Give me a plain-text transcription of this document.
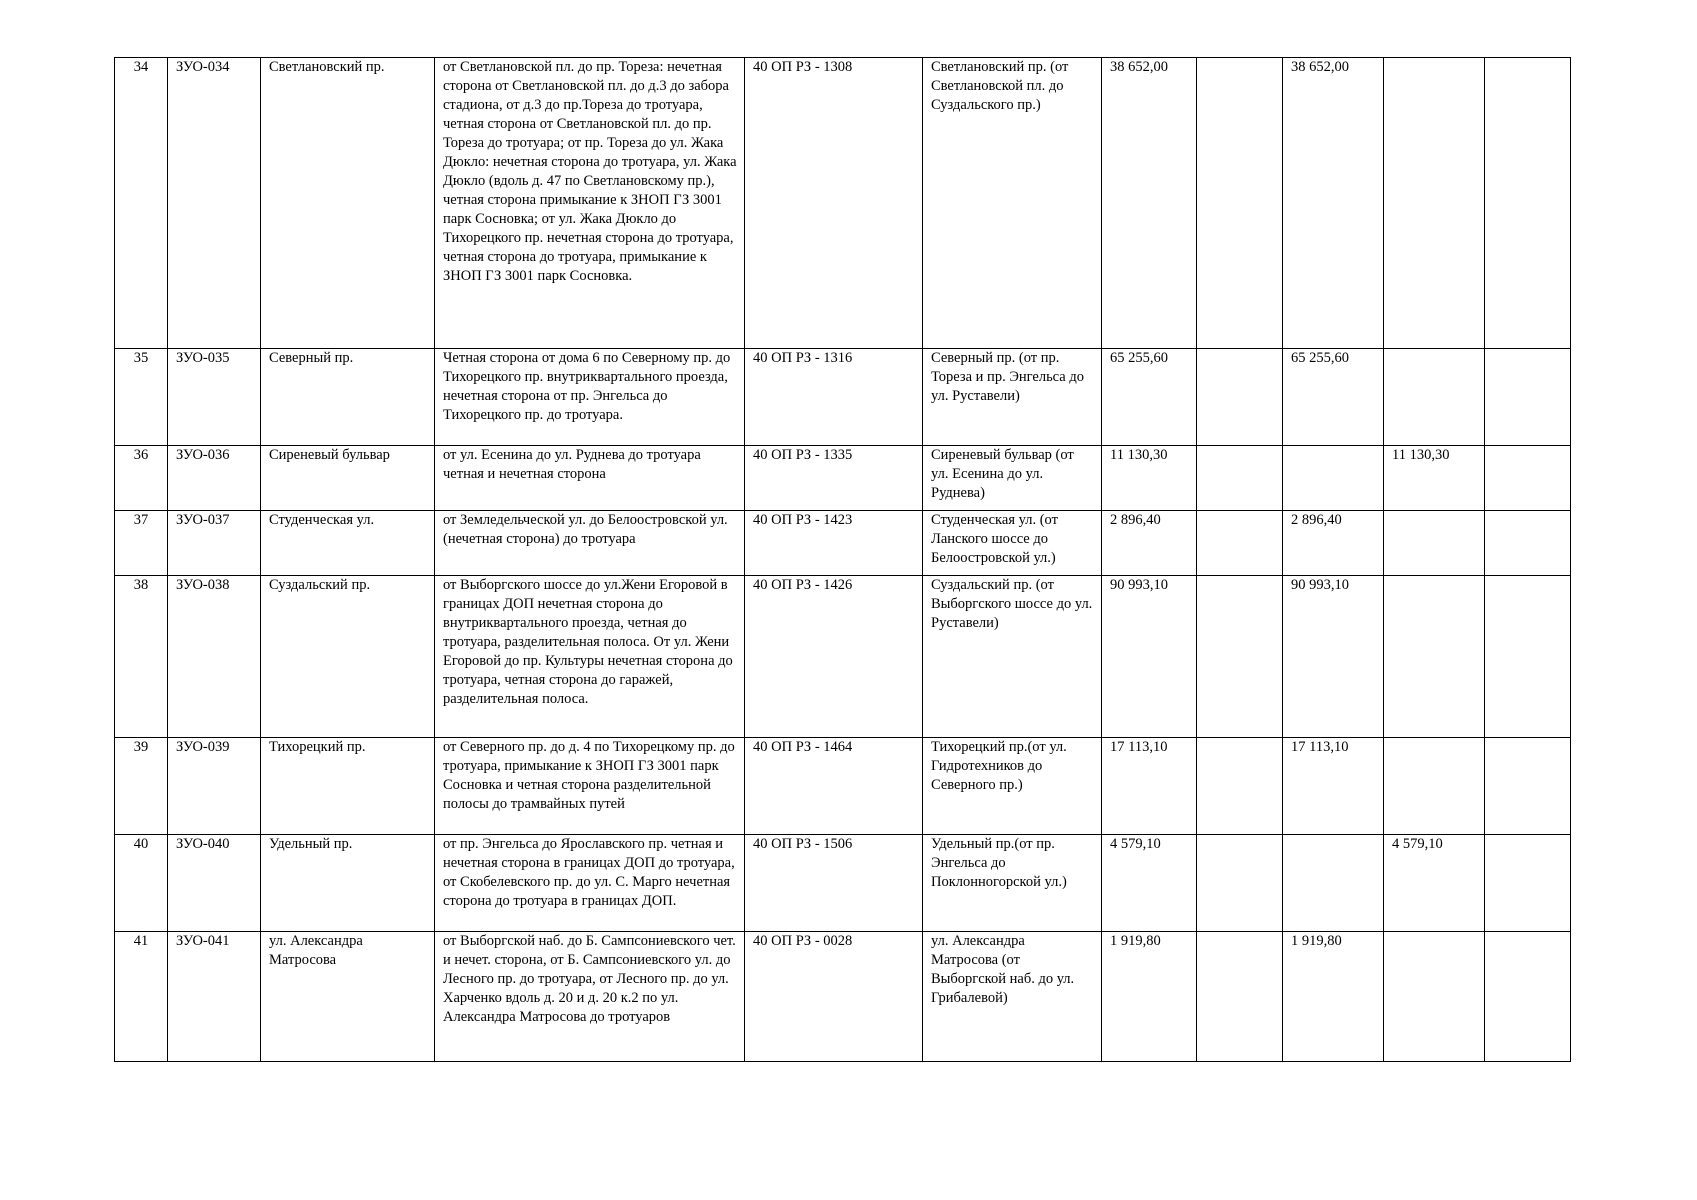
34	ЗУО-034	Светлановский пр.	от Светлановской пл. до пр. Тореза: нечетная сторона от Светлановской пл. до д.3 до забора стадиона, от д.3 до пр.Тореза до тротуара, четная сторона от Светлановской пл. до пр. Тореза до тротуара; от пр. Тореза до ул. Жака Дюкло: нечетная сторона до тротуара, ул. Жака Дюкло (вдоль д. 47 по Светлановскому пр.), четная сторона примыкание к ЗНОП ГЗ 3001 парк Сосновка; от ул. Жака Дюкло до Тихорецкого пр. нечетная сторона до тротуара, четная сторона до тротуара, примыкание к ЗНОП ГЗ 3001 парк Сосновка.	40 ОП РЗ - 1308	Светлановский пр. (от Светлановской пл. до Суздальского пр.)	38 652,00		38 652,00		
35	ЗУО-035	Северный пр.	Четная сторона от дома 6 по Северному пр. до Тихорецкого пр. внутриквартального проезда, нечетная сторона от пр. Энгельса до Тихорецкого пр. до тротуара.	40 ОП РЗ - 1316	Северный пр. (от пр. Тореза и пр. Энгельса до ул. Руставели)	65 255,60		65 255,60		
36	ЗУО-036	Сиреневый бульвар	от ул. Есенина до ул. Руднева до тротуара четная и нечетная сторона	40 ОП РЗ - 1335	Сиреневый бульвар (от ул. Есенина до ул. Руднева)	11 130,30			11 130,30	
37	ЗУО-037	Студенческая ул.	от Земледельческой ул. до Белоостровской ул. (нечетная сторона) до тротуара	40 ОП РЗ - 1423	Студенческая ул. (от Ланского шоссе до Белоостровской ул.)	2 896,40		2 896,40		
38	ЗУО-038	Суздальский пр.	от Выборгского шоссе до ул.Жени Егоровой в границах ДОП нечетная сторона до внутриквартального проезда, четная до тротуара, разделительная полоса. От ул. Жени Егоровой до пр. Культуры нечетная сторона до тротуара, четная сторона до гаражей, разделительная полоса.	40 ОП РЗ - 1426	Суздальский пр. (от Выборгского шоссе до ул. Руставели)	90 993,10		90 993,10		
39	ЗУО-039	Тихорецкий пр.	от Северного пр. до д. 4 по Тихорецкому пр. до тротуара, примыкание к ЗНОП ГЗ 3001 парк Сосновка и четная сторона разделительной полосы до трамвайных путей	40 ОП РЗ - 1464	Тихорецкий пр.(от ул. Гидротехников до Северного пр.)	17 113,10		17 113,10		
40	ЗУО-040	Удельный пр.	от пр. Энгельса до Ярославского пр. четная и нечетная сторона в границах ДОП до тротуара, от Скобелевского пр. до ул. С. Марго нечетная сторона до тротуара в границах ДОП.	40 ОП РЗ - 1506	Удельный пр.(от пр. Энгельса до Поклонногорской ул.)	4 579,10			4 579,10	
41	ЗУО-041	ул. Александра Матросова	от Выборгской наб. до Б. Сампсониевского чет. и нечет. сторона, от Б. Сампсониевского ул. до Лесного пр. до тротуара, от Лесного пр. до ул. Харченко вдоль д. 20 и д. 20 к.2 по ул. Александра Матросова до тротуаров	40 ОП РЗ - 0028	ул. Александра Матросова (от Выборгской наб. до ул. Грибалевой)	1 919,80		1 919,80		
